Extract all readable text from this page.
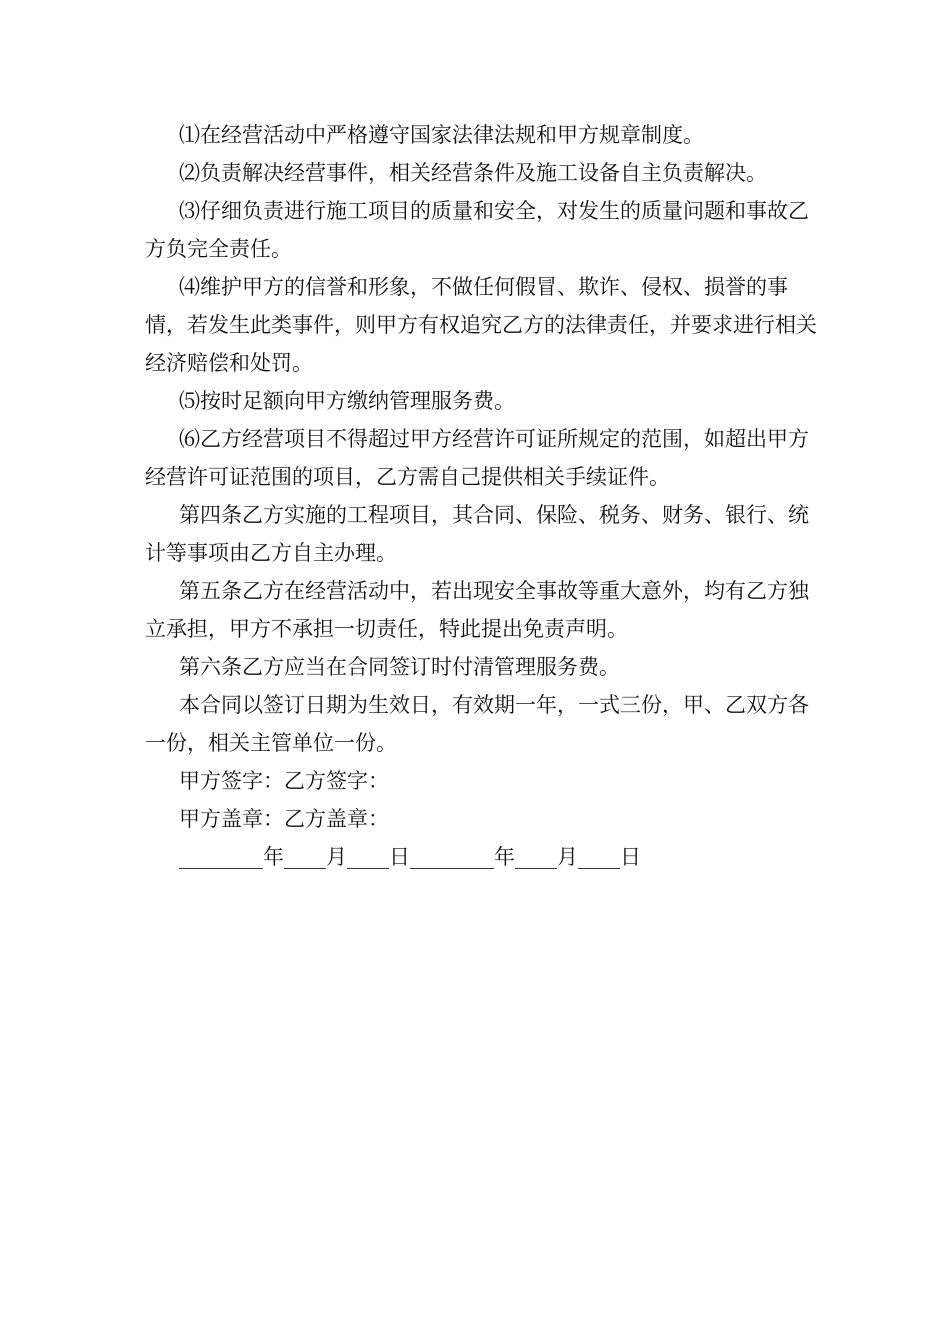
⑴在经营活动中严格遵守国家法律法规和甲方规章制度。

⑵负责解决经营事件，相关经营条件及施工设备自主负责解决。

⑶仔细负责进行施工项目的质量和安全，对发生的质量问题和事故乙方负完全责任。

⑷维护甲方的信誉和形象，不做任何假冒、欺诈、侵权、损誉的事情，若发生此类事件，则甲方有权追究乙方的法律责任，并要求进行相关经济赔偿和处罚。

⑸按时足额向甲方缴纳管理服务费。

⑹乙方经营项目不得超过甲方经营许可证所规定的范围，如超出甲方经营许可证范围的项目，乙方需自己提供相关手续证件。

第四条乙方实施的工程项目，其合同、保险、税务、财务、银行、统计等事项由乙方自主办理。

第五条乙方在经营活动中，若出现安全事故等重大意外，均有乙方独立承担，甲方不承担一切责任，特此提出免责声明。

第六条乙方应当在合同签订时付清管理服务费。

本合同以签订日期为生效日，有效期一年，一式三份，甲、乙双方各一份，相关主管单位一份。

甲方签字：乙方签字：

甲方盖章：乙方盖章：

________年____月____日________年____月____日
